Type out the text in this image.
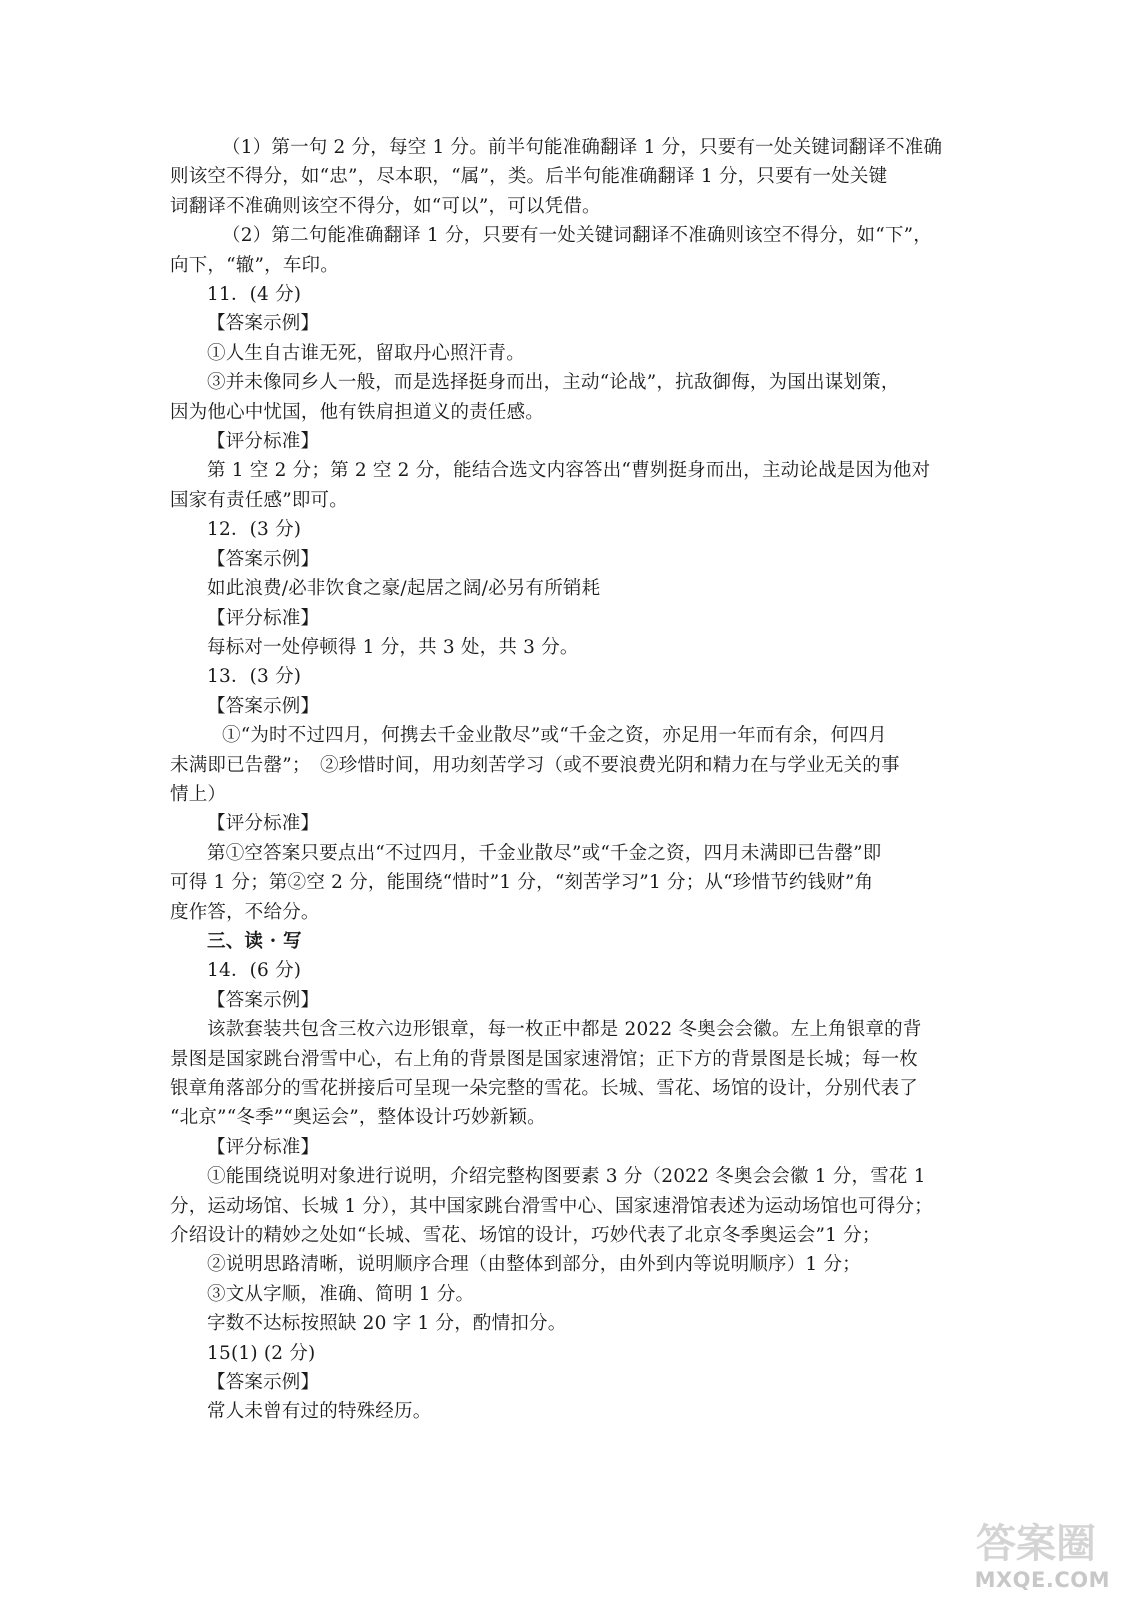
（1）第一句 2 分，每空 1 分。前半句能准确翻译 1 分，只要有一处关键词翻译不准确
则该空不得分，如“忠”，尽本职，“属”，类。后半句能准确翻译 1 分，只要有一处关键
词翻译不准确则该空不得分，如“可以”，可以凭借。
（2）第二句能准确翻译 1 分，只要有一处关键词翻译不准确则该空不得分，如“下”，
向下，“辙”，车印。
11．(4 分)
【答案示例】
①人生自古谁无死，留取丹心照汗青。
③并未像同乡人一般，而是选择挺身而出，主动“论战”，抗敌御侮，为国出谋划策，
因为他心中忧国，他有铁肩担道义的责任感。
【评分标准】
第 1 空 2 分；第 2 空 2 分，能结合选文内容答出“曹刿挺身而出，主动论战是因为他对
国家有责任感”即可。
12．(3 分)
【答案示例】
如此浪费/必非饮食之豪/起居之阔/必另有所销耗
【评分标准】
每标对一处停顿得 1 分，共 3 处，共 3 分。
13．(3 分)
【答案示例】
①“为时不过四月，何携去千金业散尽”或“千金之资，亦足用一年而有余，何四月
未满即已告罄”；　②珍惜时间，用功刻苦学习（或不要浪费光阴和精力在与学业无关的事
情上）
【评分标准】
第①空答案只要点出“不过四月，千金业散尽”或“千金之资，四月未满即已告罄”即
可得 1 分；第②空 2 分，能围绕“惜时”1 分，“刻苦学习”1 分；从“珍惜节约钱财”角
度作答，不给分。
三、读 · 写
14．(6 分)
【答案示例】
该款套装共包含三枚六边形银章，每一枚正中都是 2022 冬奥会会徽。左上角银章的背
景图是国家跳台滑雪中心，右上角的背景图是国家速滑馆；正下方的背景图是长城；每一枚
银章角落部分的雪花拼接后可呈现一朵完整的雪花。长城、雪花、场馆的设计，分别代表了
“北京”“冬季”“奥运会”，整体设计巧妙新颖。
【评分标准】
①能围绕说明对象进行说明，介绍完整构图要素 3 分（2022 冬奥会会徽 1 分，雪花 1
分，运动场馆、长城 1 分），其中国家跳台滑雪中心、国家速滑馆表述为运动场馆也可得分；
介绍设计的精妙之处如“长城、雪花、场馆的设计，巧妙代表了北京冬季奥运会”1 分；
②说明思路清晰，说明顺序合理（由整体到部分，由外到内等说明顺序）1 分；
③文从字顺，准确、简明 1 分。
字数不达标按照缺 20 字 1 分，酌情扣分。
15(1) (2 分)
【答案示例】
常人未曾有过的特殊经历。
答案圈
MXQE.COM
